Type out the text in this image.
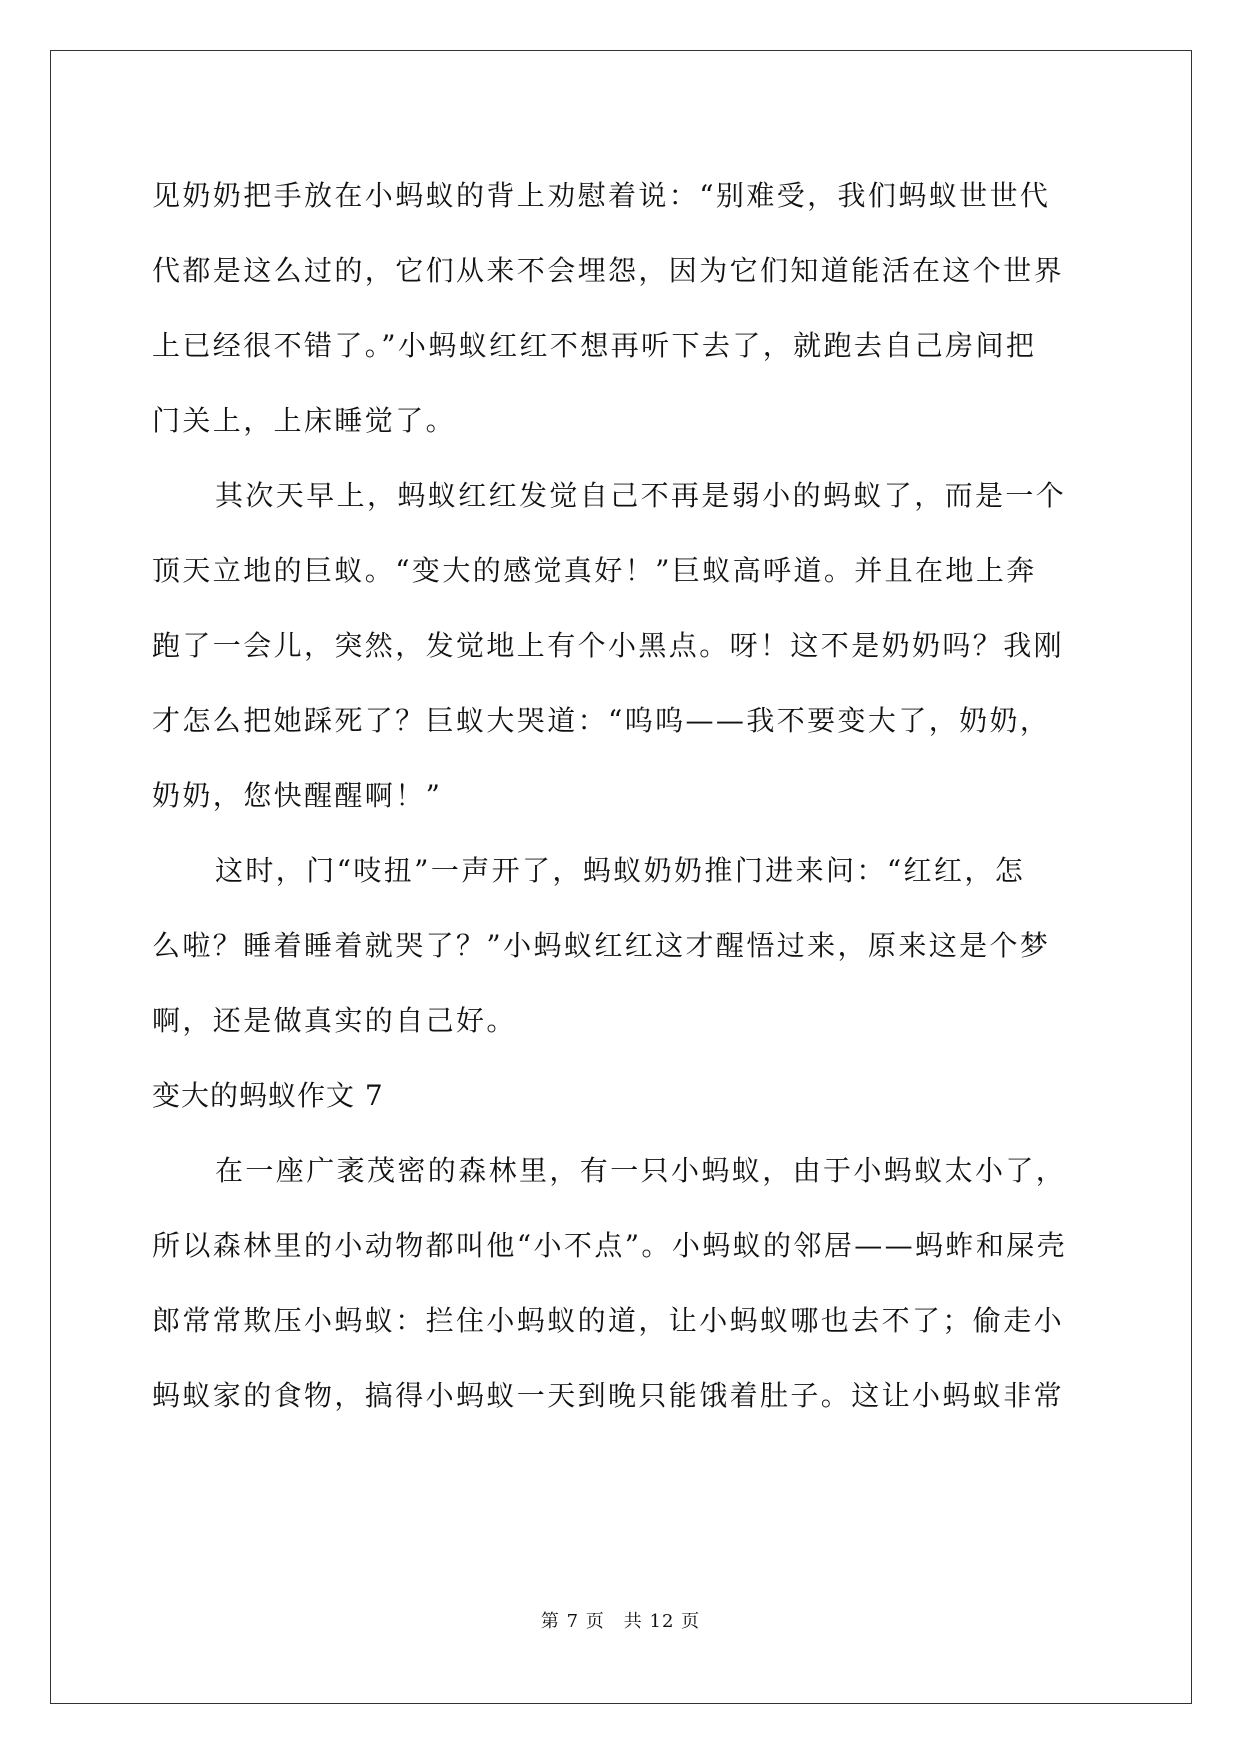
见奶奶把手放在小蚂蚁的背上劝慰着说：“别难受，我们蚂蚁世世代
代都是这么过的，它们从来不会埋怨，因为它们知道能活在这个世界
上已经很不错了。”小蚂蚁红红不想再听下去了，就跑去自己房间把
门关上，上床睡觉了。
其次天早上，蚂蚁红红发觉自己不再是弱小的蚂蚁了，而是一个
顶天立地的巨蚁。“变大的感觉真好！”巨蚁高呼道。并且在地上奔
跑了一会儿，突然，发觉地上有个小黑点。呀！这不是奶奶吗？我刚
才怎么把她踩死了？巨蚁大哭道：“呜呜——我不要变大了，奶奶，
奶奶，您快醒醒啊！”
这时，门“吱扭”一声开了，蚂蚁奶奶推门进来问：“红红，怎
么啦？睡着睡着就哭了？”小蚂蚁红红这才醒悟过来，原来这是个梦
啊，还是做真实的自己好。
变大的蚂蚁作文 7
在一座广袤茂密的森林里，有一只小蚂蚁，由于小蚂蚁太小了，
所以森林里的小动物都叫他“小不点”。小蚂蚁的邻居——蚂蚱和屎壳
郎常常欺压小蚂蚁：拦住小蚂蚁的道，让小蚂蚁哪也去不了；偷走小
蚂蚁家的食物，搞得小蚂蚁一天到晚只能饿着肚子。这让小蚂蚁非常
第 7 页　共 12 页
